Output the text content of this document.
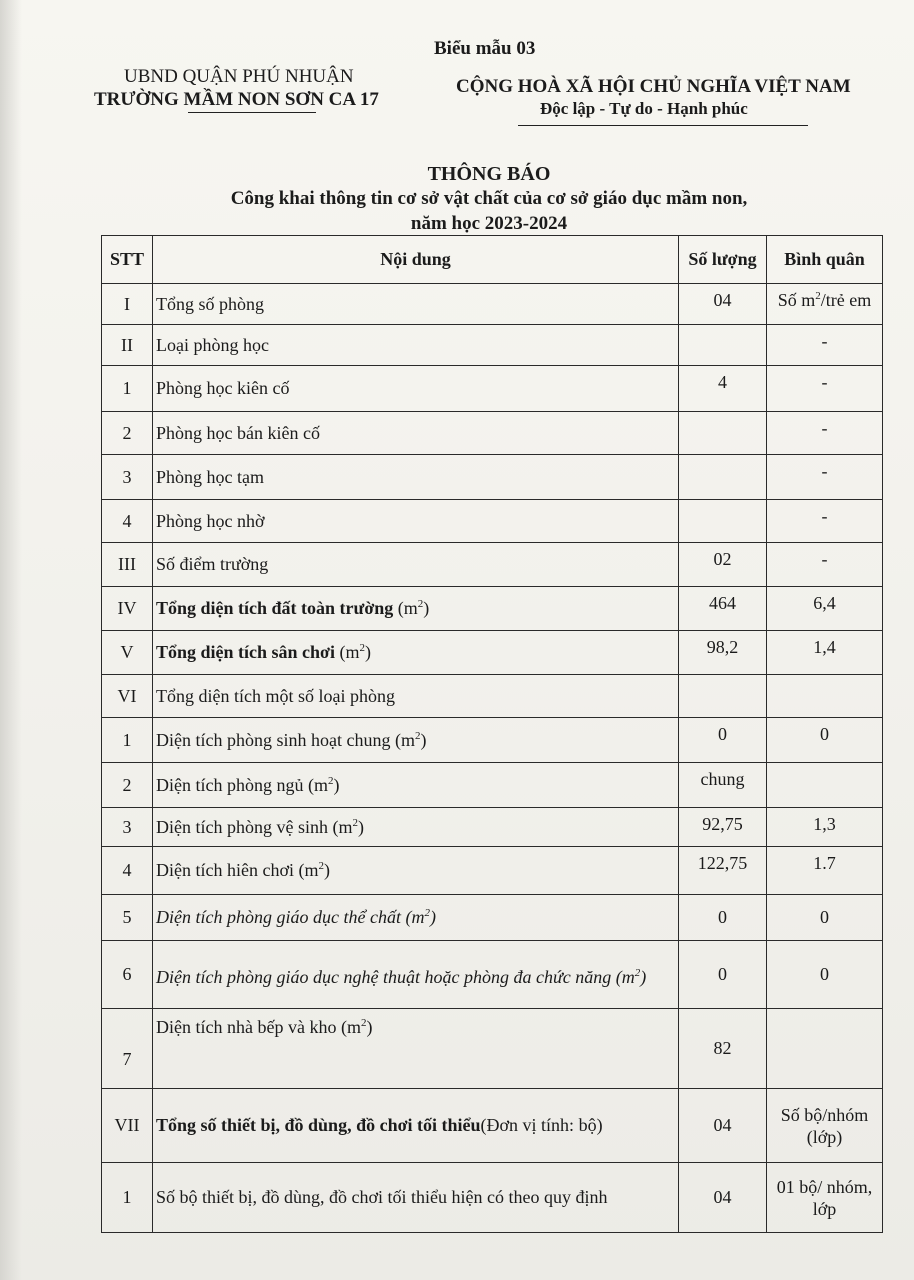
Biểu mẫu 03
UBND QUẬN PHÚ NHUẬN
TRƯỜNG MẦM NON SƠN CA 17
CỘNG HOÀ XÃ HỘI CHỦ NGHĨA VIỆT NAM
Độc lập - Tự do - Hạnh phúc
THÔNG BÁO
Công khai thông tin cơ sở vật chất của cơ sở giáo dục mầm non,
năm học 2023-2024
STT	Nội dung	Số lượng	Bình quân
I	Tổng số phòng	04	Số $m^2$/trẻ em
II	Loại phòng học		-
1	Phòng học kiên cố	4	-
2	Phòng học bán kiên cố		-
3	Phòng học tạm		-
4	Phòng học nhờ		-
III	Số điểm trường	02	-
IV	Tổng diện tích đất toàn trường $(m^2)$	464	6,4
V	Tổng diện tích sân chơi $(m^2)$	98,2	1,4
VI	Tổng diện tích một số loại phòng		
1	Diện tích phòng sinh hoạt chung $(m^2)$	0	0
2	Diện tích phòng ngủ $(m^2)$	chung	
3	Diện tích phòng vệ $\sinh (m^2)$	92,75	1,3
4	Diện tích hiên chơi $(m^2)$	122,75	1.7
5	Diện tích phòng giáo dục thể chất $(m^2)$	0	0
6	Diện tích phòng giáo dục nghệ thuật hoặc phòng đa chức năng $(m^2)$	0	0
7	Diện tích nhà bếp và kho $(m^2)$	82	
VII	Tổng số thiết bị, đồ dùng, đồ chơi tối thiểu(Đơn vị tính: bộ)	04	Số bộ/nhóm (lớp)
1	Số bộ thiết bị, đồ dùng, đồ chơi tối thiểu hiện có theo quy định	04	01 bộ/ nhóm, lớp
